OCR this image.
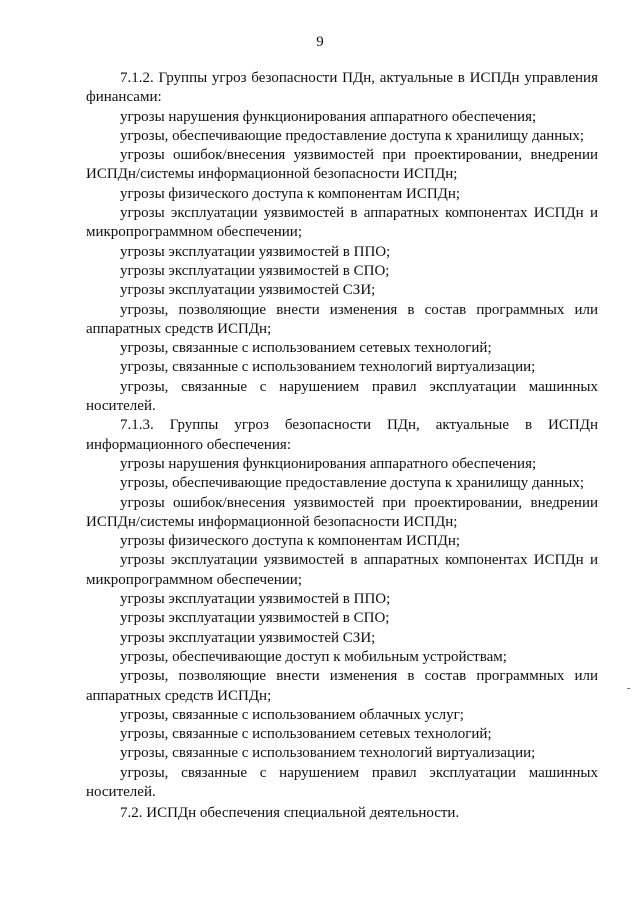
9

7.1.2. Группы угроз безопасности ПДн, актуальные в ИСПДн управления финансами:

угрозы нарушения функционирования аппаратного обеспечения;

угрозы, обеспечивающие предоставление доступа к хранилищу данных;

угрозы ошибок/внесения уязвимостей при проектировании, внедрении ИСПДн/системы информационной безопасности ИСПДн;

угрозы физического доступа к компонентам ИСПДн;

угрозы эксплуатации уязвимостей в аппаратных компонентах ИСПДн и микропрограммном обеспечении;

угрозы эксплуатации уязвимостей в ППО;

угрозы эксплуатации уязвимостей в СПО;

угрозы эксплуатации уязвимостей СЗИ;

угрозы, позволяющие внести изменения в состав программных или аппаратных средств ИСПДн;

угрозы, связанные с использованием сетевых технологий;

угрозы, связанные с использованием технологий виртуализации;

угрозы, связанные с нарушением правил эксплуатации машинных носителей.

7.1.3. Группы угроз безопасности ПДн, актуальные в ИСПДн информационного обеспечения:

угрозы нарушения функционирования аппаратного обеспечения;

угрозы, обеспечивающие предоставление доступа к хранилищу данных;

угрозы ошибок/внесения уязвимостей при проектировании, внедрении ИСПДн/системы информационной безопасности ИСПДн;

угрозы физического доступа к компонентам ИСПДн;

угрозы эксплуатации уязвимостей в аппаратных компонентах ИСПДн и микропрограммном обеспечении;

угрозы эксплуатации уязвимостей в ППО;

угрозы эксплуатации уязвимостей в СПО;

угрозы эксплуатации уязвимостей СЗИ;

угрозы, обеспечивающие доступ к мобильным устройствам;

угрозы, позволяющие внести изменения в состав программных или аппаратных средств ИСПДн;

угрозы, связанные с использованием облачных услуг;

угрозы, связанные с использованием сетевых технологий;

угрозы, связанные с использованием технологий виртуализации;

угрозы, связанные с нарушением правил эксплуатации машинных носителей.

7.2. ИСПДн обеспечения специальной деятельности.

-
